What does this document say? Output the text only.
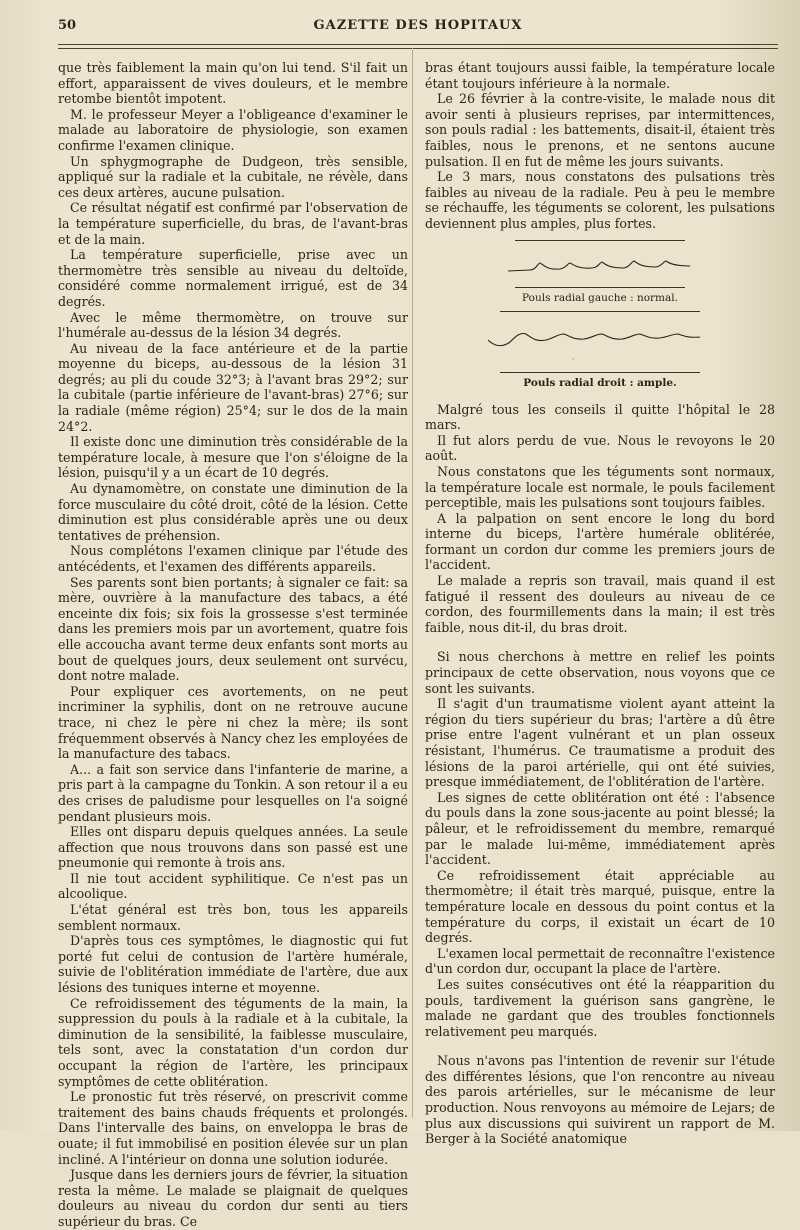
50	GAZETTE DES HOPITAUX

que très faiblement la main qu'on lui tend. S'il fait un effort, apparaissent de vives douleurs, et le membre retombe bientôt impotent.

M. le professeur Meyer a l'obligeance d'examiner le malade au laboratoire de physiologie, son examen confirme l'examen clinique.

Un sphygmographe de Dudgeon, très sensible, appliqué sur la radiale et la cubitale, ne révèle, dans ces deux artères, aucune pulsation.

Ce résultat négatif est confirmé par l'observation de la température superficielle, du bras, de l'avant-bras et de la main.

La température superficielle, prise avec un thermomètre très sensible au niveau du deltoïde, considéré comme normalement irrigué, est de 34 degrés.

Avec le même thermomètre, on trouve sur l'humérale au-dessus de la lésion 34 degrés.

Au niveau de la face antérieure et de la partie moyenne du biceps, au-dessous de la lésion 31 degrés; au pli du coude 32°3; à l'avant bras 29°2; sur la cubitale (partie inférieure de l'avant-bras) 27°6; sur la radiale (même région) 25°4; sur le dos de la main 24°2.

Il existe donc une diminution très considérable de la température locale, à mesure que l'on s'éloigne de la lésion, puisqu'il y a un écart de 10 degrés.

Au dynamomètre, on constate une diminution de la force musculaire du côté droit, côté de la lésion. Cette diminution est plus considérable après une ou deux tentatives de préhension.

Nous complétons l'examen clinique par l'étude des antécédents, et l'examen des différents appareils.

Ses parents sont bien portants; à signaler ce fait: sa mère, ouvrière à la manufacture des tabacs, a été enceinte dix fois; six fois la grossesse s'est terminée dans les premiers mois par un avortement, quatre fois elle accoucha avant terme deux enfants sont morts au bout de quelques jours, deux seulement ont survécu, dont notre malade.

Pour expliquer ces avortements, on ne peut incriminer la syphilis, dont on ne retrouve aucune trace, ni chez le père ni chez la mère; ils sont fréquemment observés à Nancy chez les employées de la manufacture des tabacs.

A... a fait son service dans l'infanterie de marine, a pris part à la campagne du Tonkin. A son retour il a eu des crises de paludisme pour lesquelles on l'a soigné pendant plusieurs mois.

Elles ont disparu depuis quelques années. La seule affection que nous trouvons dans son passé est une pneumonie qui remonte à trois ans.

Il nie tout accident syphilitique. Ce n'est pas un alcoolique.

L'état général est très bon, tous les appareils semblent normaux.

D'après tous ces symptômes, le diagnostic qui fut porté fut celui de contusion de l'artère humérale, suivie de l'oblitération immédiate de l'artère, due aux lésions des tuniques interne et moyenne.

Ce refroidissement des téguments de la main, la suppression du pouls à la radiale et à la cubitale, la diminution de la sensibilité, la faiblesse musculaire, tels sont, avec la constatation d'un cordon dur occupant la région de l'artère, les principaux symptômes de cette oblitération.

Le pronostic fut très réservé, on prescrivit comme traitement des bains chauds fréquents et prolongés. Dans l'intervalle des bains, on enveloppa le bras de ouate; il fut immobilisé en position élevée sur un plan incliné. A l'intérieur on donna une solution iodurée.

Jusque dans les derniers jours de février, la situation resta la même. Le malade se plaignait de quelques douleurs au niveau du cordon dur senti au tiers supérieur du bras. Ce

bras étant toujours aussi faible, la température locale étant toujours inférieure à la normale.

Le 26 février à la contre-visite, le malade nous dit avoir senti à plusieurs reprises, par intermittences, son pouls radial : les battements, disait-il, étaient très faibles, nous le prenons, et ne sentons aucune pulsation. Il en fut de même les jours suivants.

Le 3 mars, nous constatons des pulsations très faibles au niveau de la radiale. Peu à peu le membre se réchauffe, les téguments se colorent, les pulsations deviennent plus amples, plus fortes.

Pouls radial gauche : normal.
·
Pouls radial droit : ample.

Malgré tous les conseils il quitte l'hôpital le 28 mars.

Il fut alors perdu de vue. Nous le revoyons le 20 août.

Nous constatons que les téguments sont normaux, la température locale est normale, le pouls facilement perceptible, mais les pulsations sont toujours faibles.

A la palpation on sent encore le long du bord interne du biceps, l'artère humérale oblitérée, formant un cordon dur comme les premiers jours de l'accident.

Le malade a repris son travail, mais quand il est fatigué il ressent des douleurs au niveau de ce cordon, des fourmillements dans la main; il est très faible, nous dit-il, du bras droit.

Si nous cherchons à mettre en relief les points principaux de cette observation, nous voyons que ce sont les suivants.

Il s'agit d'un traumatisme violent ayant atteint la région du tiers supérieur du bras; l'artère a dû être prise entre l'agent vulnérant et un plan osseux résistant, l'humérus. Ce traumatisme a produit des lésions de la paroi artérielle, qui ont été suivies, presque immédiatement, de l'oblitération de l'artère.

Les signes de cette oblitération ont été : l'absence du pouls dans la zone sous-jacente au point blessé; la pâleur, et le refroidissement du membre, remarqué par le malade lui-même, immédiatement après l'accident.

Ce refroidissement était appréciable au thermomètre; il était très marqué, puisque, entre la température locale en dessous du point contus et la température du corps, il existait un écart de 10 degrés.

L'examen local permettait de reconnaître l'existence d'un cordon dur, occupant la place de l'artère.

Les suites consécutives ont été la réapparition du pouls, tardivement la guérison sans gangrène, le malade ne gardant que des troubles fonctionnels relativement peu marqués.

Nous n'avons pas l'intention de revenir sur l'étude des différentes lésions, que l'on rencontre au niveau des parois artérielles, sur le mécanisme de leur production. Nous renvoyons au mémoire de Lejars; de plus aux discussions qui suivirent un rapport de M. Berger à la Société anatomique
